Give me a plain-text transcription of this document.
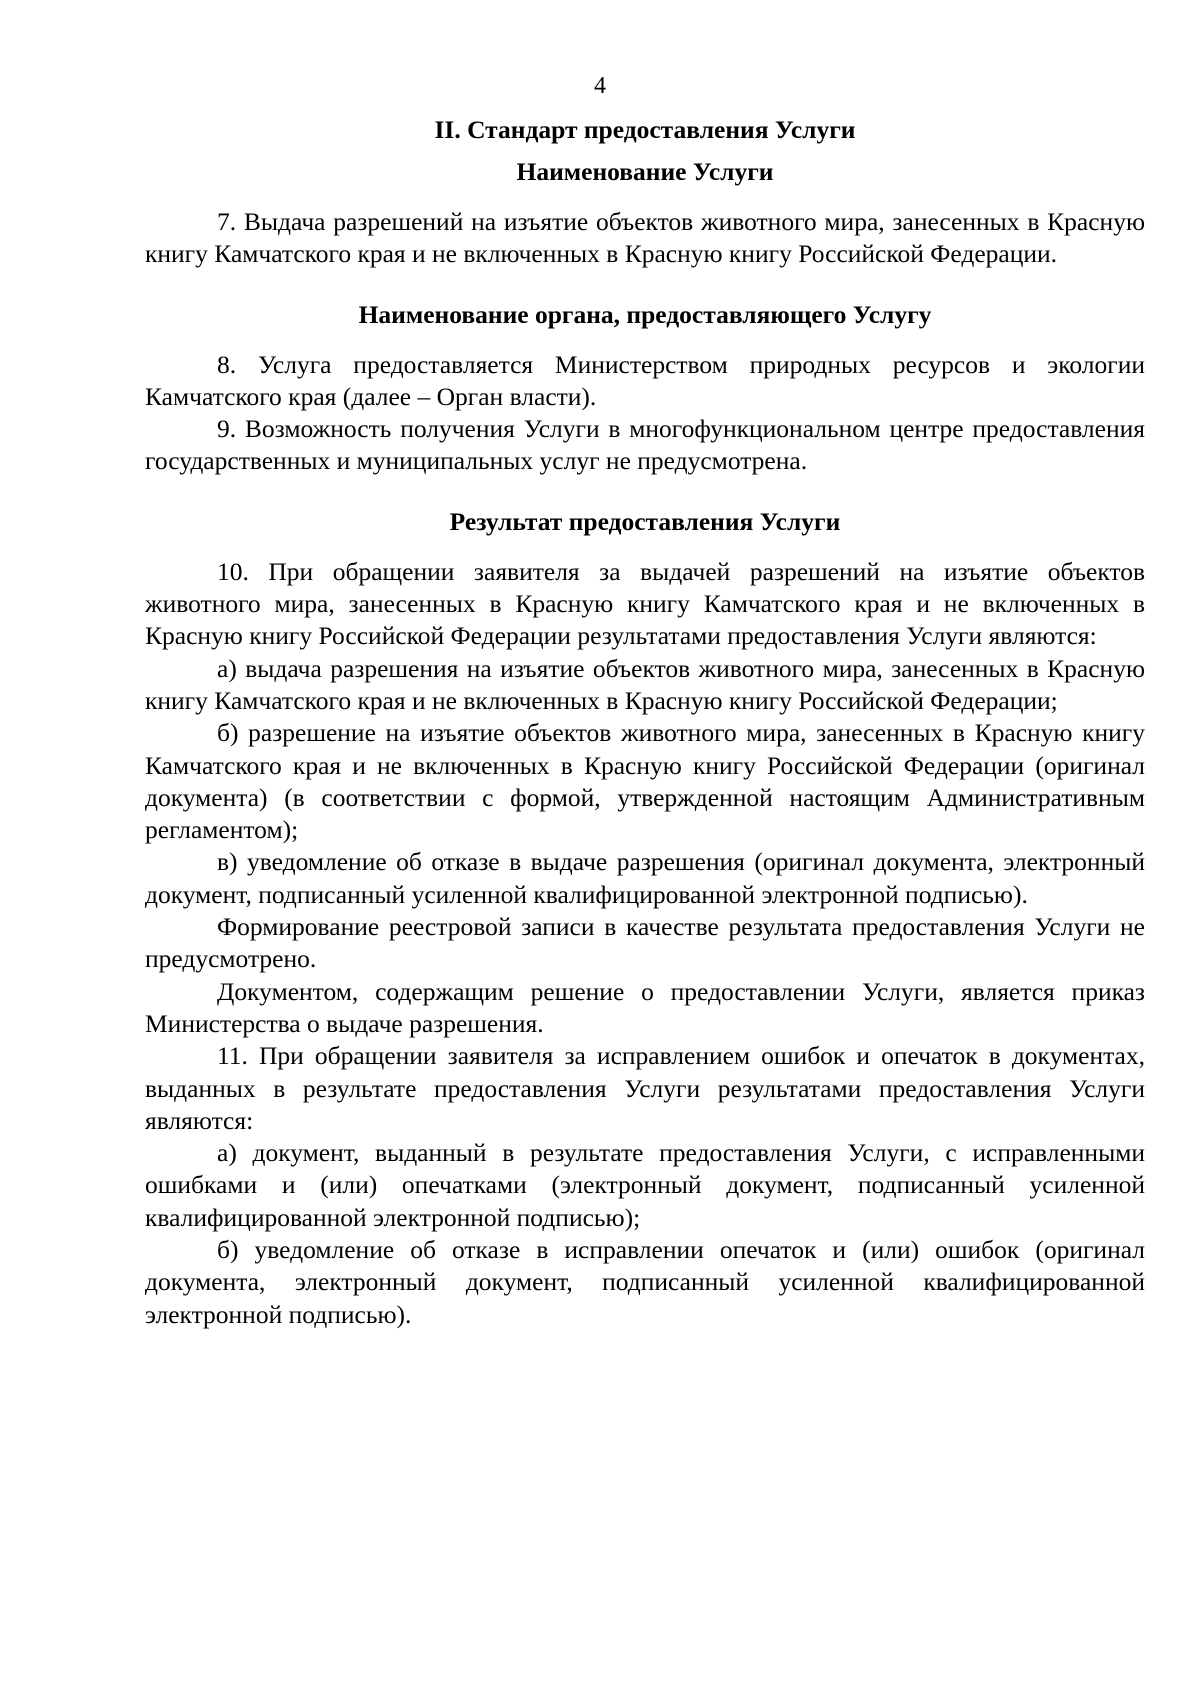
4

II. Стандарт предоставления Услуги

Наименование Услуги

7. Выдача разрешений на изъятие объектов животного мира, занесенных в Красную книгу Камчатского края и не включенных в Красную книгу Российской Федерации.

Наименование органа, предоставляющего Услугу

8. Услуга предоставляется Министерством природных ресурсов и экологии Камчатского края (далее – Орган власти).

9. Возможность получения Услуги в многофункциональном центре предоставления государственных и муниципальных услуг не предусмотрена.

Результат предоставления Услуги

10. При обращении заявителя за выдачей разрешений на изъятие объектов животного мира, занесенных в Красную книгу Камчатского края и не включенных в Красную книгу Российской Федерации результатами предоставления Услуги являются:

а) выдача разрешения на изъятие объектов животного мира, занесенных в Красную книгу Камчатского края и не включенных в Красную книгу Российской Федерации;

б) разрешение на изъятие объектов животного мира, занесенных в Красную книгу Камчатского края и не включенных в Красную книгу Российской Федерации (оригинал документа) (в соответствии с формой, утвержденной настоящим Административным регламентом);

в) уведомление об отказе в выдаче разрешения (оригинал документа, электронный документ, подписанный усиленной квалифицированной электронной подписью).

Формирование реестровой записи в качестве результата предоставления Услуги не предусмотрено.

Документом, содержащим решение о предоставлении Услуги, является приказ Министерства о выдаче разрешения.

11. При обращении заявителя за исправлением ошибок и опечаток в документах, выданных в результате предоставления Услуги результатами предоставления Услуги являются:

а) документ, выданный в результате предоставления Услуги, с исправленными ошибками и (или) опечатками (электронный документ, подписанный усиленной квалифицированной электронной подписью);

б) уведомление об отказе в исправлении опечаток и (или) ошибок (оригинал документа, электронный документ, подписанный усиленной квалифицированной электронной подписью).
